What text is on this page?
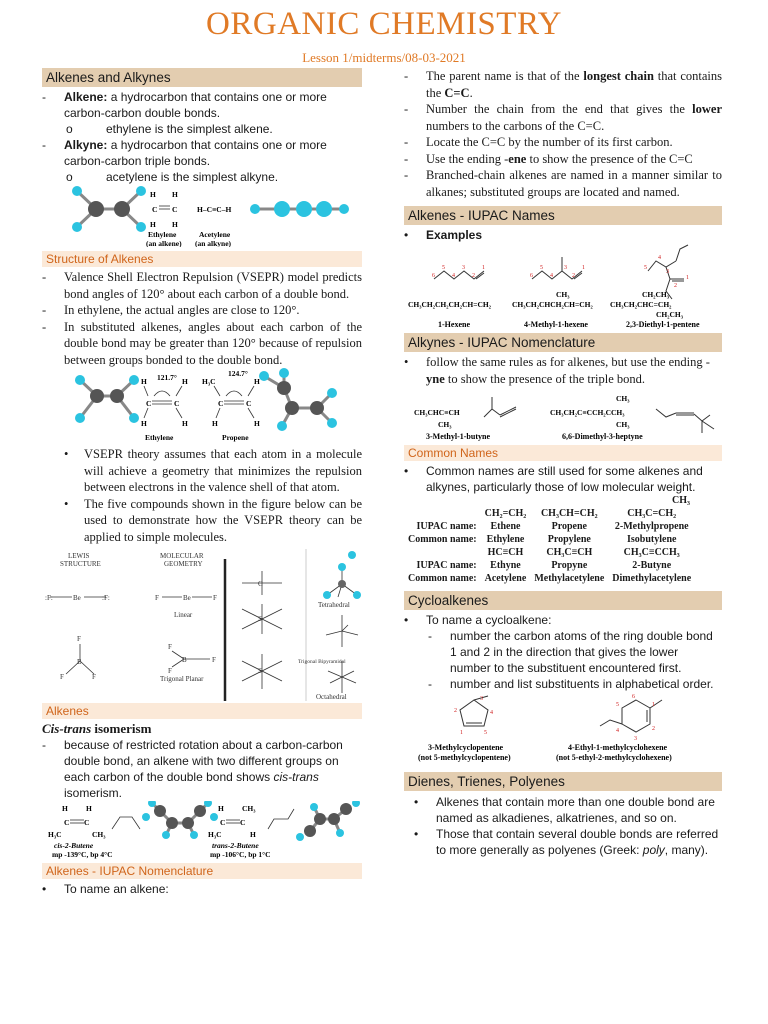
ORGANIC CHEMISTRY
Lesson 1/midterms/08-03-2021
Alkenes and Alkynes
-	Alkene: a hydrocarbon that contains one or more carbon-carbon double bonds.
o	ethylene is the simplest alkene.
-	Alkyne: a hydrocarbon that contains one or more carbon-carbon triple bonds.
o	acetylene is the simplest alkyne.
H H
C C
H H
H–C≡C–H
Ethylene
(an alkene)
Acetylene
(an alkyne)
Structure of Alkenes
-	Valence Shell Electron Repulsion (VSEPR) model predicts bond angles of 120° about each carbon of a double bond.
-	In ethylene, the actual angles are close to 120°.
-	In substituted alkenes, angles about each carbon of the double bond may be greater than 120° because of repulsion between groups bonded to the double bond.
121.7°	124.7°
H
H
C	C
H
H
H₃C
H
C	C
H
H
Ethylene	Propene
•	VSEPR theory assumes that each atom in a molecule will achieve a geometry that minimizes the repulsion between electrons in the valence shell of that atom.
•	The five compounds shown in the figure below can be used to demonstrate how the VSEPR theory can be applied to simple molecules.
LEWIS
STRUCTURE
MOLECULAR
GEOMETRY
Linear
Trigonal Planar
Tetrahedral
Trigonal Bipyramidal
Octahedral
:F:	Be	:F:	F	Be	F
F
B
F	F
F
B	F
F
C
S
S
Alkenes
Cis-trans isomerism
-	because of restricted rotation about a carbon-carbon double bond, an alkene with two different groups on each carbon of the double bond shows cis-trans isomerism.
H H
C C
H₃C	CH₃
H CH₃
C C
H₃C	H
cis-2-Butene
mp -139°C, bp 4°C
trans-2-Butene
mp -106°C, bp 1°C
Alkenes - IUPAC Nomenclature
•	To name an alkene:
-	The parent name is that of the longest chain that contains the C=C.
-	Number the chain from the end that gives the lower numbers to the carbons of the C=C.
-	Locate the C=C by the number of its first carbon.
-	Use the ending -ene to show the presence of the C=C
-	Branched-chain alkenes are named in a manner similar to alkanes; substituted groups are located and named.
Alkenes - IUPAC Names
•	Examples
6
5
4
3
2
1
6
5
4
3
2
1	5
4
3
2
1
CH₃	CH₂CH₃
CH₃CH₂CH₂CH₂CH=CH₂	CH₃CH₂CHCH₂CH=CH₂ CH₃CH₂CHC=CH₂
CH₂CH₃
1-Hexene	4-Methyl-1-hexene	2,3-Diethyl-1-pentene
Alkynes - IUPAC Nomenclature
•	follow the same rules as for alkenes, but use the ending -yne to show the presence of the triple bond.
CH₃CHC≡CH
CH₃
CH₃CH₂C≡CCH₂CCH₃
CH₃
CH₃
3-Methyl-1-butyne	6,6-Dimethyl-3-heptyne
Common Names
•	Common names are still used for some alkenes and alkynes, particularly those of low molecular weight.
CH₃
	CH₂=CH₂	CH₃CH=CH₂	CH₃C=CH₂
IUPAC name:	Ethene	Propene	2-Methylpropene
Common name:	Ethylene	Propylene	Isobutylene
	HC≡CH	CH₃C≡CH	CH₃C≡CCH₃
IUPAC name:	Ethyne	Propyne	2-Butyne
Common name:	Acetylene	Methylacetylene	Dimethylacetylene
Cycloalkenes
•	To name a cycloalkene:
-	number the carbon atoms of the ring double bond 1 and 2 in the direction that gives the lower number to the substituent encountered first.
-	number and list substituents in alphabetical order.
3
4
5
1
2
6
1
2
3
4
5
3-Methylcyclopentene
(not 5-methylcyclopentene)
4-Ethyl-1-methylcyclohexene
(not 5-ethyl-2-methylcyclohexene)
Dienes, Trienes, Polyenes
•	Alkenes that contain more than one double bond are named as alkadienes, alkatrienes, and so on.
•	Those that contain several double bonds are referred to more generally as polyenes (Greek: poly, many).
